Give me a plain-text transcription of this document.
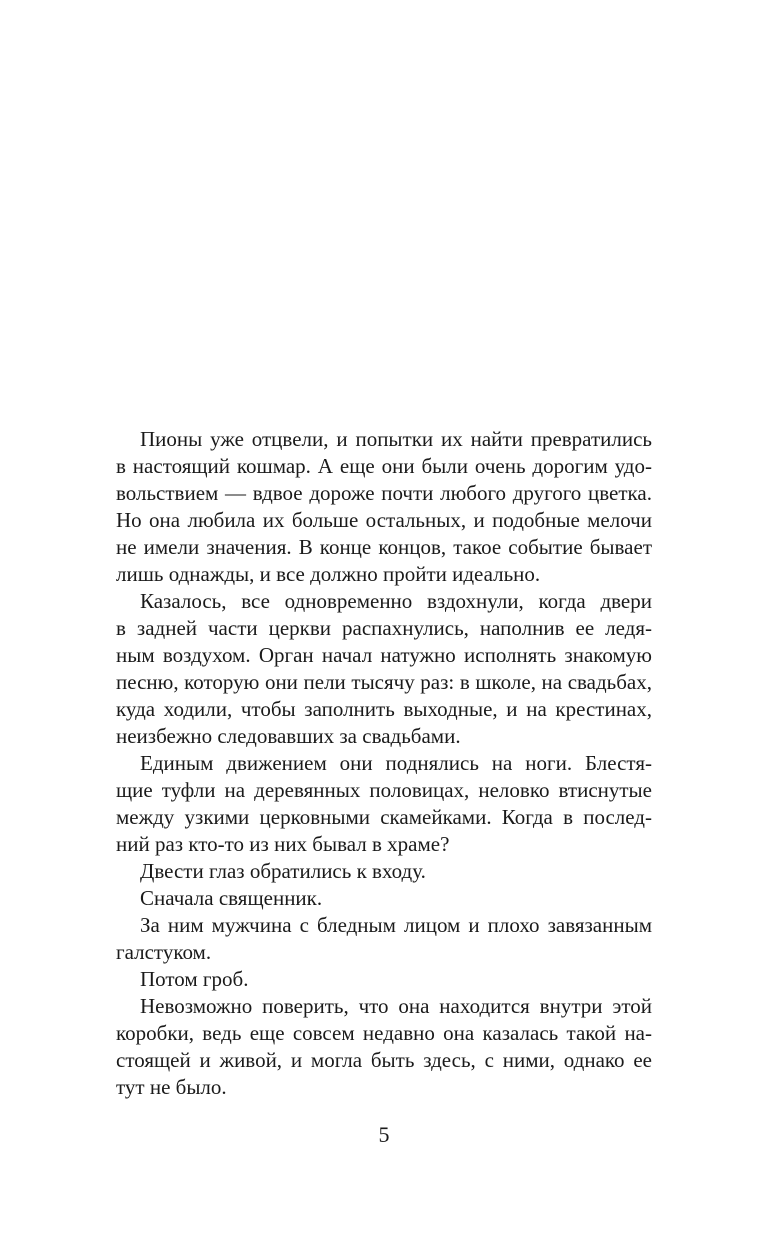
Пионы уже отцвели, и попытки их найти превратились
в настоящий кошмар. А еще они были очень дорогим удо-
вольствием — вдвое дороже почти любого другого цветка.
Но она любила их больше остальных, и подобные мелочи
не имели значения. В конце концов, такое событие бывает
лишь однажды, и все должно пройти идеально.
Казалось, все одновременно вздохнули, когда двери
в задней части церкви распахнулись, наполнив ее ледя-
ным воздухом. Орган начал натужно исполнять знакомую
песню, которую они пели тысячу раз: в школе, на свадьбах,
куда ходили, чтобы заполнить выходные, и на крестинах,
неизбежно следовавших за свадьбами.
Единым движением они поднялись на ноги. Блестя-
щие туфли на деревянных половицах, неловко втиснутые
между узкими церковными скамейками. Когда в послед-
ний раз кто-то из них бывал в храме?
Двести глаз обратились к входу.
Сначала священник.
За ним мужчина с бледным лицом и плохо завязанным
галстуком.
Потом гроб.
Невозможно поверить, что она находится внутри этой
коробки, ведь еще совсем недавно она казалась такой на-
стоящей и живой, и могла быть здесь, с ними, однако ее
тут не было.
5
